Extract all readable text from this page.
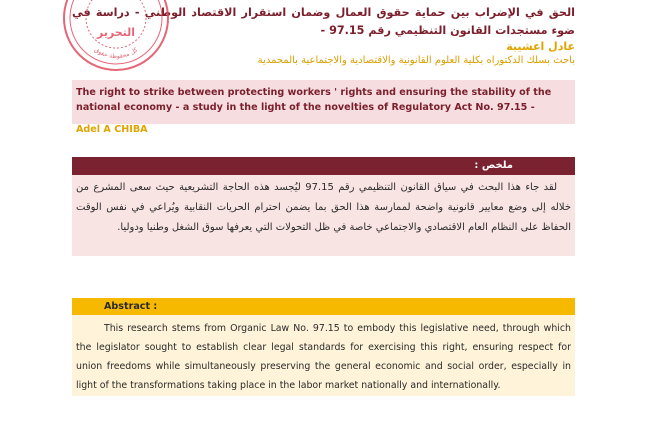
الحق في الإضراب بين حماية حقوق العمال وضمان استقرار الاقتصاد الوطني - دراسة في ضوء مستجدات القانون التنظيمي رقم 97.15 -
عادل اعشيبة
باحث بسلك الدكتوراه بكلية العلوم القانونية والاقتصادية والاجتماعية بالمحمدية
The right to strike between protecting workers ' rights and ensuring the stability of the national economy - a study in the light of the novelties of Regulatory Act No. 97.15 -
Adel A CHIBA
ملخص :
لقد جاء هذا البحث في سياق القانون التنظيمي رقم 97.15 ليُجسد هذه الحاجة التشريعية حيث سعى المشرع من خلاله إلى وضع معايير قانونية واضحة لممارسة هذا الحق بما يضمن احترام الحريات النقابية ويُراعي في نفس الوقت الحفاظ على النظام العام الاقتصادي والاجتماعي خاصة في ظل التحولات التي يعرفها سوق الشغل وطنيا ودوليا.
Abstract :
This research stems from Organic Law No. 97.15 to embody this legislative need, through which the legislator sought to establish clear legal standards for exercising this right, ensuring respect for union freedoms while simultaneously preserving the general economic and social order, especially in light of the transformations taking place in the labor market nationally and internationally.
التحرير
كل محقوظة حقوق
